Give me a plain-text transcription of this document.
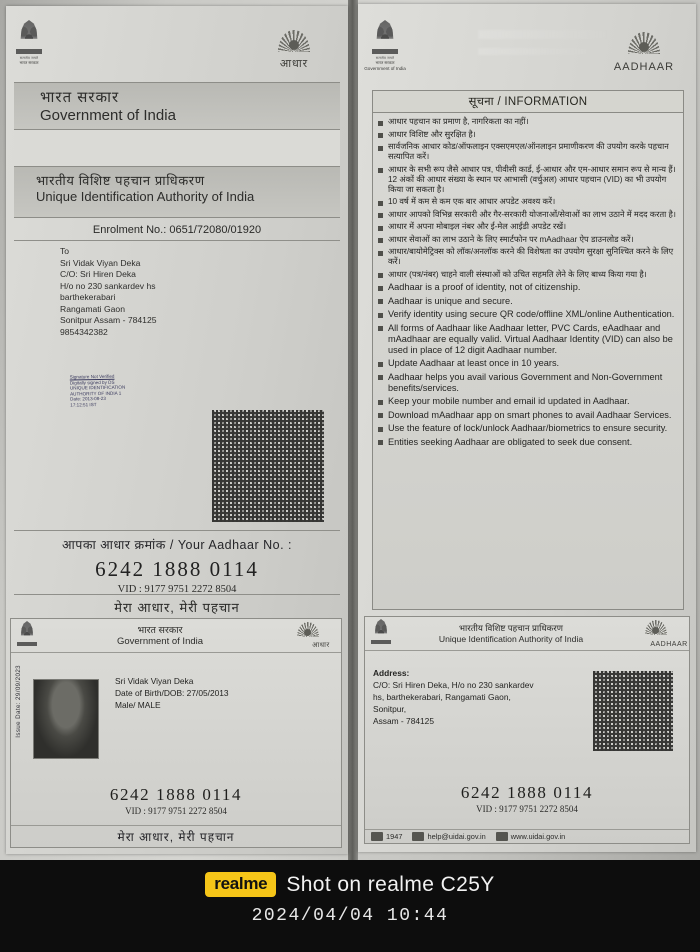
सत्यमेव जयते
भारत सरकार	आधार
भारत सरकार
Government of India
भारतीय विशिष्ट पहचान प्राधिकरण
Unique Identification Authority of India
Enrolment No.: 0651/72080/01920
To
Sri Vidak Viyan Deka
C/O: Sri Hiren Deka
H/o no 230 sankardev hs
barthekerabari
Rangamati Gaon
Sonitpur Assam - 784125
9854342382
Signature Not Verified
Digitally signed by DS
UNIQUE IDENTIFICATION
AUTHORITY OF INDIA 1
Date: 2013-08-23
17:12:51 IST
आपका आधार क्रमांक / Your Aadhaar No. :
6242 1888 0114
VID : 9177 9751 2272 8504
मेरा आधार, मेरी पहचान
सत्यमेव जयते
भारत सरकार
Government of India	AADHAAR
सूचना / INFORMATION
आधार पहचान का प्रमाण है, नागरिकता का नहीं।
आधार विशिष्ट और सुरक्षित है।
सार्वजनिक आधार कोड/ऑफलाइन एक्सएमएल/ऑनलाइन प्रमाणीकरण की उपयोग करके पहचान सत्यापित करें।
आधार के सभी रूप जैसे आधार पत्र, पीवीसी कार्ड, ई-आधार और एम-आधार समान रूप से मान्य हैं। 12 अंकों की आधार संख्या के स्थान पर आभासी (वर्चुअल) आधार पहचान (VID) का भी उपयोग किया जा सकता है।
10 वर्ष में कम से कम एक बार आधार अपडेट अवश्य करें।
आधार आपको विभिन्न सरकारी और गैर-सरकारी योजनाओं/सेवाओं का लाभ उठाने में मदद करता है।
आधार में अपना मोबाइल नंबर और ई-मेल आईडी अपडेट रखें।
आधार सेवाओं का लाभ उठाने के लिए स्मार्टफोन पर mAadhaar ऐप डाउनलोड करें।
आधार/बायोमेट्रिक्स को लॉक/अनलॉक करने की विशेषता का उपयोग सुरक्षा सुनिश्चित करने के लिए करें।
आधार (पत्र/नंबर) चाहने वाली संस्थाओं को उचित सहमति लेने के लिए बाध्य किया गया है।
Aadhaar is a proof of identity, not of citizenship.
Aadhaar is unique and secure.
Verify identity using secure QR code/offline XML/online Authentication.
All forms of Aadhaar like Aadhaar letter, PVC Cards, eAadhaar and mAadhaar are equally valid. Virtual Aadhaar Identity (VID) can also be used in place of 12 digit Aadhaar number.
Update Aadhaar at least once in 10 years.
Aadhaar helps you avail various Government and Non-Government benefits/services.
Keep your mobile number and email id updated in Aadhaar.
Download mAadhaar app on smart phones to avail Aadhaar Services.
Use the feature of lock/unlock Aadhaar/biometrics to ensure security.
Entities seeking Aadhaar are obligated to seek due consent.
भारत सरकार
Government of India	आधार
Issue Date: 29/09/2023	Sri Vidak Viyan Deka
Date of Birth/DOB: 27/05/2013
Male/ MALE
6242 1888 0114
VID : 9177 9751 2272 8504
मेरा आधार, मेरी पहचान
भारतीय विशिष्ट पहचान प्राधिकरण
Unique Identification Authority of India
AADHAAR
Address:
C/O: Sri Hiren Deka, H/o no 230 sankardev
hs, barthekerabari, Rangamati Gaon,
Sonitpur,
Assam - 784125
6242 1888 0114
VID : 9177 9751 2272 8504
1947	help@uidai.gov.in	www.uidai.gov.in
realme Shot on realme C25Y
2024/04/04 10:44
